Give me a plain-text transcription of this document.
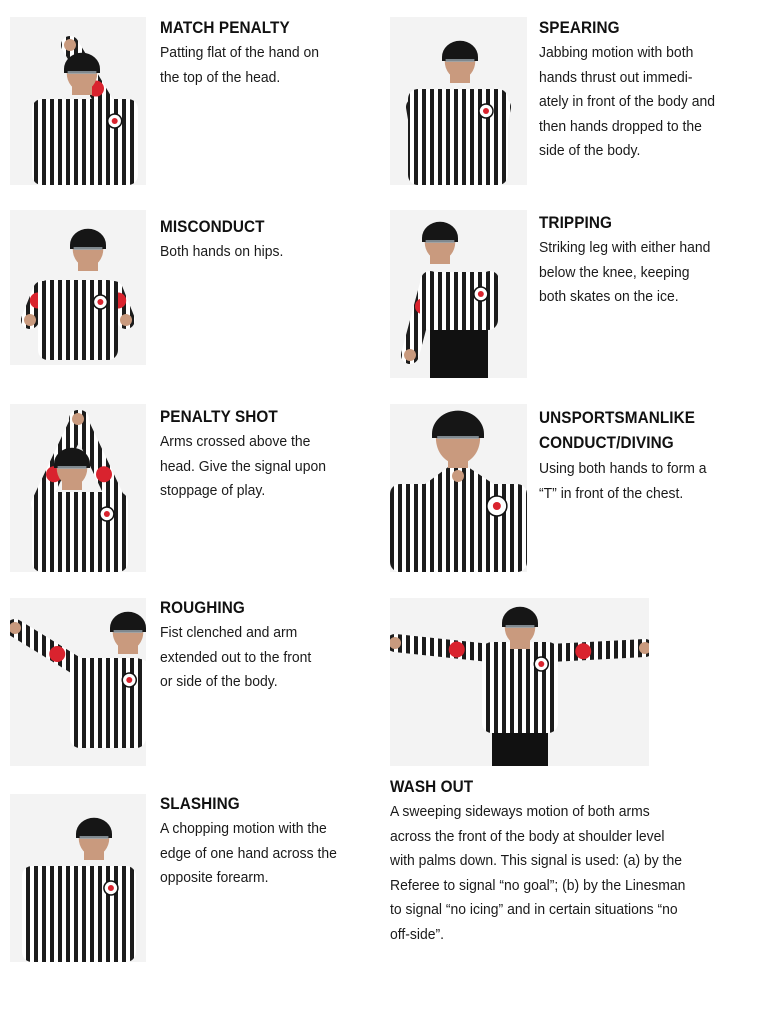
MATCH PENALTY
Patting flat of the hand on
the top of the head.
SPEARING
Jabbing motion with both
hands thrust out immedi-
ately in front of the body and
then hands dropped to the
side of the body.
MISCONDUCT
Both hands on hips.
TRIPPING
Striking leg with either hand
below the knee, keeping
both skates on the ice.
PENALTY SHOT
Arms crossed above the
head. Give the signal upon
stoppage of play.
UNSPORTSMANLIKE
CONDUCT/DIVING
Using both hands to form a
“T” in front of the chest.
ROUGHING
Fist clenched and arm
extended out to the front
or side of the body.
SLASHING
A chopping motion with the
edge of one hand across the
opposite forearm.
WASH OUT
A sweeping sideways motion of both arms
across the front of the body at shoulder level
with palms down. This signal is used: (a) by the
Referee to signal “no goal”; (b) by the Linesman
to signal “no icing” and in certain situations “no
off-side”.
